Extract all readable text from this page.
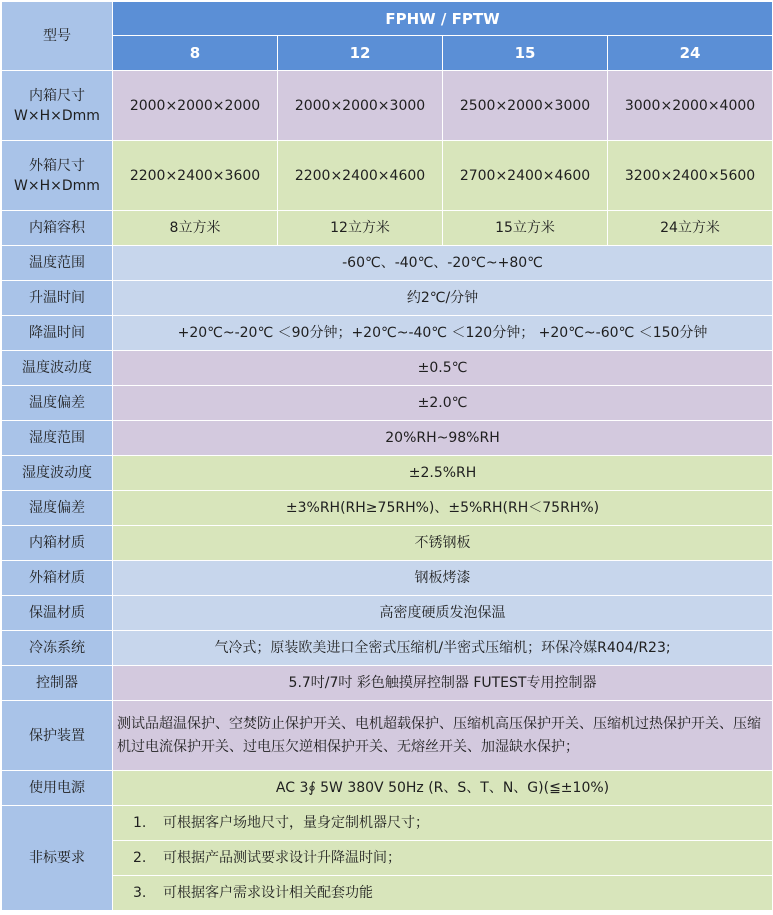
型号	FPHW / FPTW			
	8	12	15	24

内箱尺寸
W×H×Dmm	2000×2000×2000	2000×2000×3000	2500×2000×3000	3000×2000×4000

外箱尺寸
W×H×Dmm	2200×2400×3600	2200×2400×4600	2700×2400×4600	3200×2400×5600
内箱容积	8立方米	12立方米	15立方米	24立方米
温度范围	-60℃、-40℃、-20℃~+80℃			
升温时间	约2℃/分钟			
降温时间	+20℃~-20℃ ＜90分钟；+20℃~-40℃ ＜120分钟； +20℃~-60℃ ＜150分钟			
温度波动度	±0.5℃			
温度偏差	±2.0℃			
湿度范围	20%RH~98%RH			
湿度波动度	±2.5%RH			
湿度偏差	±3%RH(RH≥75RH%)、±5%RH(RH＜75RH%)			
内箱材质	不锈钢板			
外箱材质	钢板烤漆			
保温材质	高密度硬质发泡保温			
冷冻系统	气冷式；原装欧美进口全密式压缩机/半密式压缩机；环保冷媒R404/R23;			
控制器	5.7吋/7吋 彩色触摸屏控制器 FUTEST专用控制器			
保护装置	测试品超温保护、空焚防止保护开关、电机超载保护、压缩机高压保护开关、压缩机过热保护开关、压缩机过电流保护开关、过电压欠逆相保护开关、无熔丝开关、加湿缺水保护；			
使用电源	AC 3∮ 5W 380V 50Hz (R、S、T、N、G)(≦±10%)			
非标要求	1. 可根据客户场地尺寸，量身定制机器尺寸；			
	2. 可根据产品测试要求设计升降温时间；			
	3. 可根据客户需求设计相关配套功能			
